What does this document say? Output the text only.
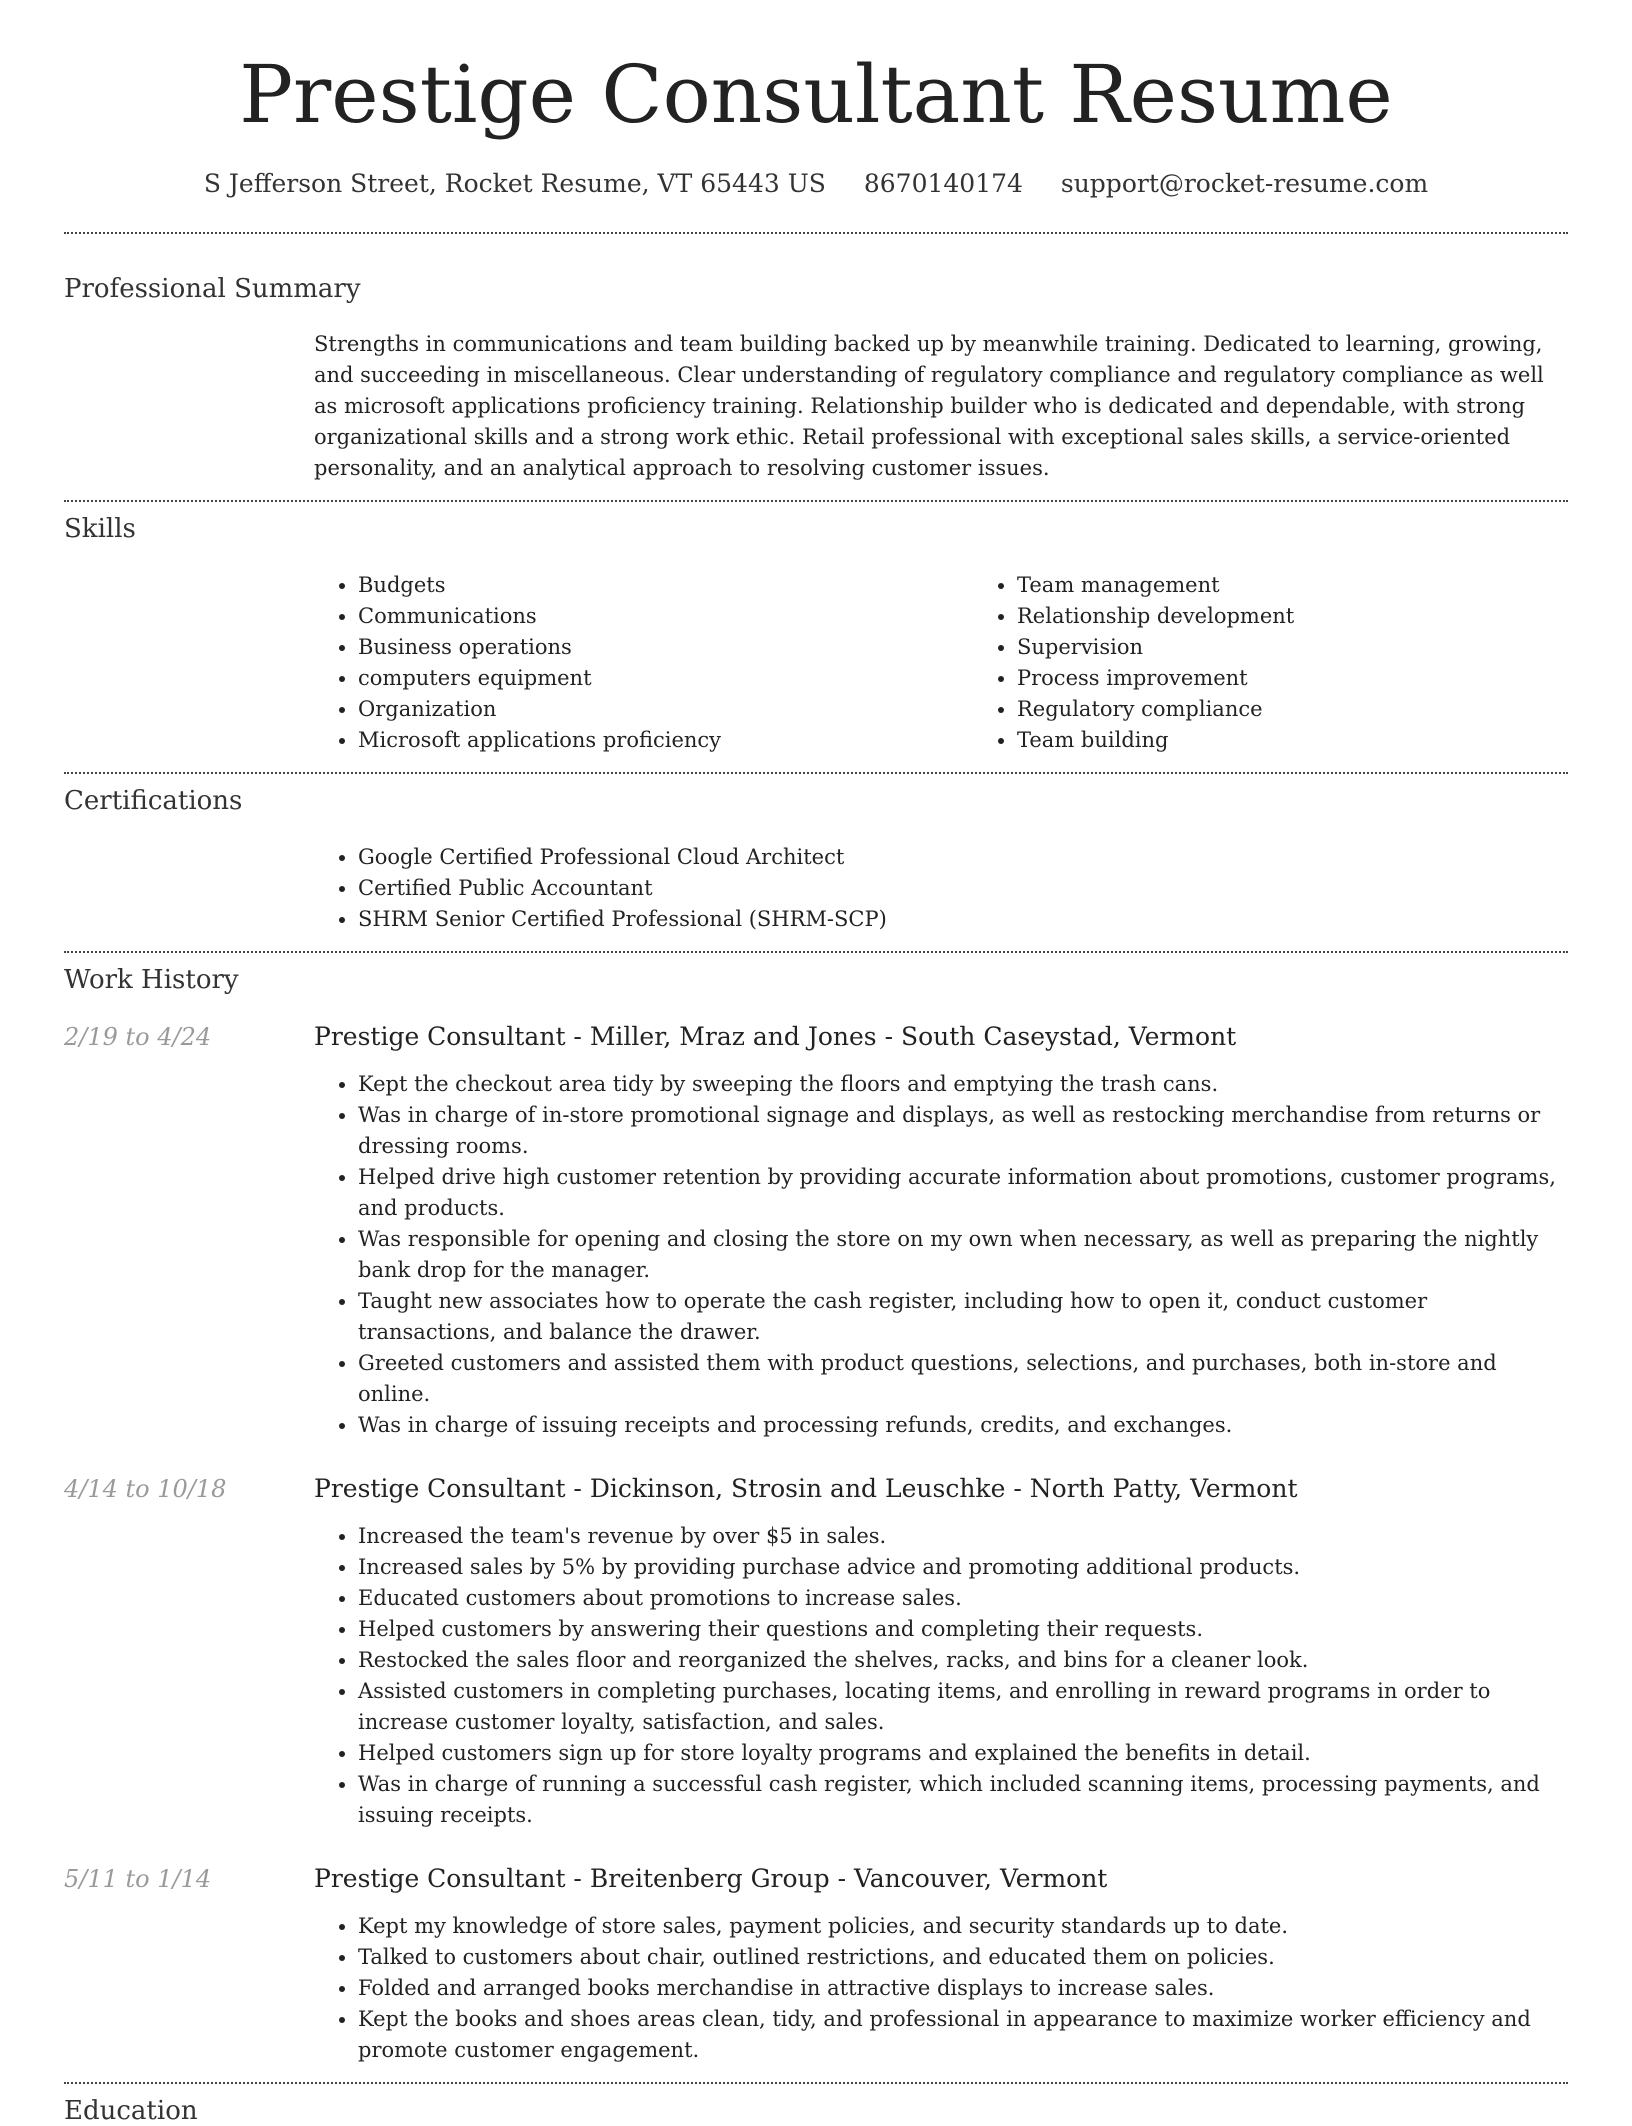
Prestige Consultant Resume
S Jefferson Street, Rocket Resume, VT 65443 US 8670140174 support@rocket-resume.com
Professional Summary

Strengths in communications and team building backed up by meanwhile training. Dedicated to learning, growing, and succeeding in miscellaneous. Clear understanding of regulatory compliance and regulatory compliance as well as microsoft applications proficiency training. Relationship builder who is dedicated and dependable, with strong organizational skills and a strong work ethic. Retail professional with exceptional sales skills, a service-oriented personality, and an analytical approach to resolving customer issues.

Skills
• Budgets
• Communications
• Business operations
• computers equipment
• Organization
• Microsoft applications proficiency
• Team management
• Relationship development
• Supervision
• Process improvement
• Regulatory compliance
• Team building
Certifications
• Google Certified Professional Cloud Architect
• Certified Public Accountant
• SHRM Senior Certified Professional (SHRM-SCP)
Work History
2/19 to 4/24	Prestige Consultant - Miller, Mraz and Jones - South Caseystad, Vermont
• Kept the checkout area tidy by sweeping the floors and emptying the trash cans.
• Was in charge of in-store promotional signage and displays, as well as restocking merchandise from returns or dressing rooms.
• Helped drive high customer retention by providing accurate information about promotions, customer programs, and products.
• Was responsible for opening and closing the store on my own when necessary, as well as preparing the nightly bank drop for the manager.
• Taught new associates how to operate the cash register, including how to open it, conduct customer transactions, and balance the drawer.
• Greeted customers and assisted them with product questions, selections, and purchases, both in-store and online.
• Was in charge of issuing receipts and processing refunds, credits, and exchanges.
4/14 to 10/18	Prestige Consultant - Dickinson, Strosin and Leuschke - North Patty, Vermont
• Increased the team's revenue by over $5 in sales.
• Increased sales by 5% by providing purchase advice and promoting additional products.
• Educated customers about promotions to increase sales.
• Helped customers by answering their questions and completing their requests.
• Restocked the sales floor and reorganized the shelves, racks, and bins for a cleaner look.
• Assisted customers in completing purchases, locating items, and enrolling in reward programs in order to increase customer loyalty, satisfaction, and sales.
• Helped customers sign up for store loyalty programs and explained the benefits in detail.
• Was in charge of running a successful cash register, which included scanning items, processing payments, and issuing receipts.
5/11 to 1/14	Prestige Consultant - Breitenberg Group - Vancouver, Vermont
• Kept my knowledge of store sales, payment policies, and security standards up to date.
• Talked to customers about chair, outlined restrictions, and educated them on policies.
• Folded and arranged books merchandise in attractive displays to increase sales.
• Kept the books and shoes areas clean, tidy, and professional in appearance to maximize worker efficiency and promote customer engagement.
Education
